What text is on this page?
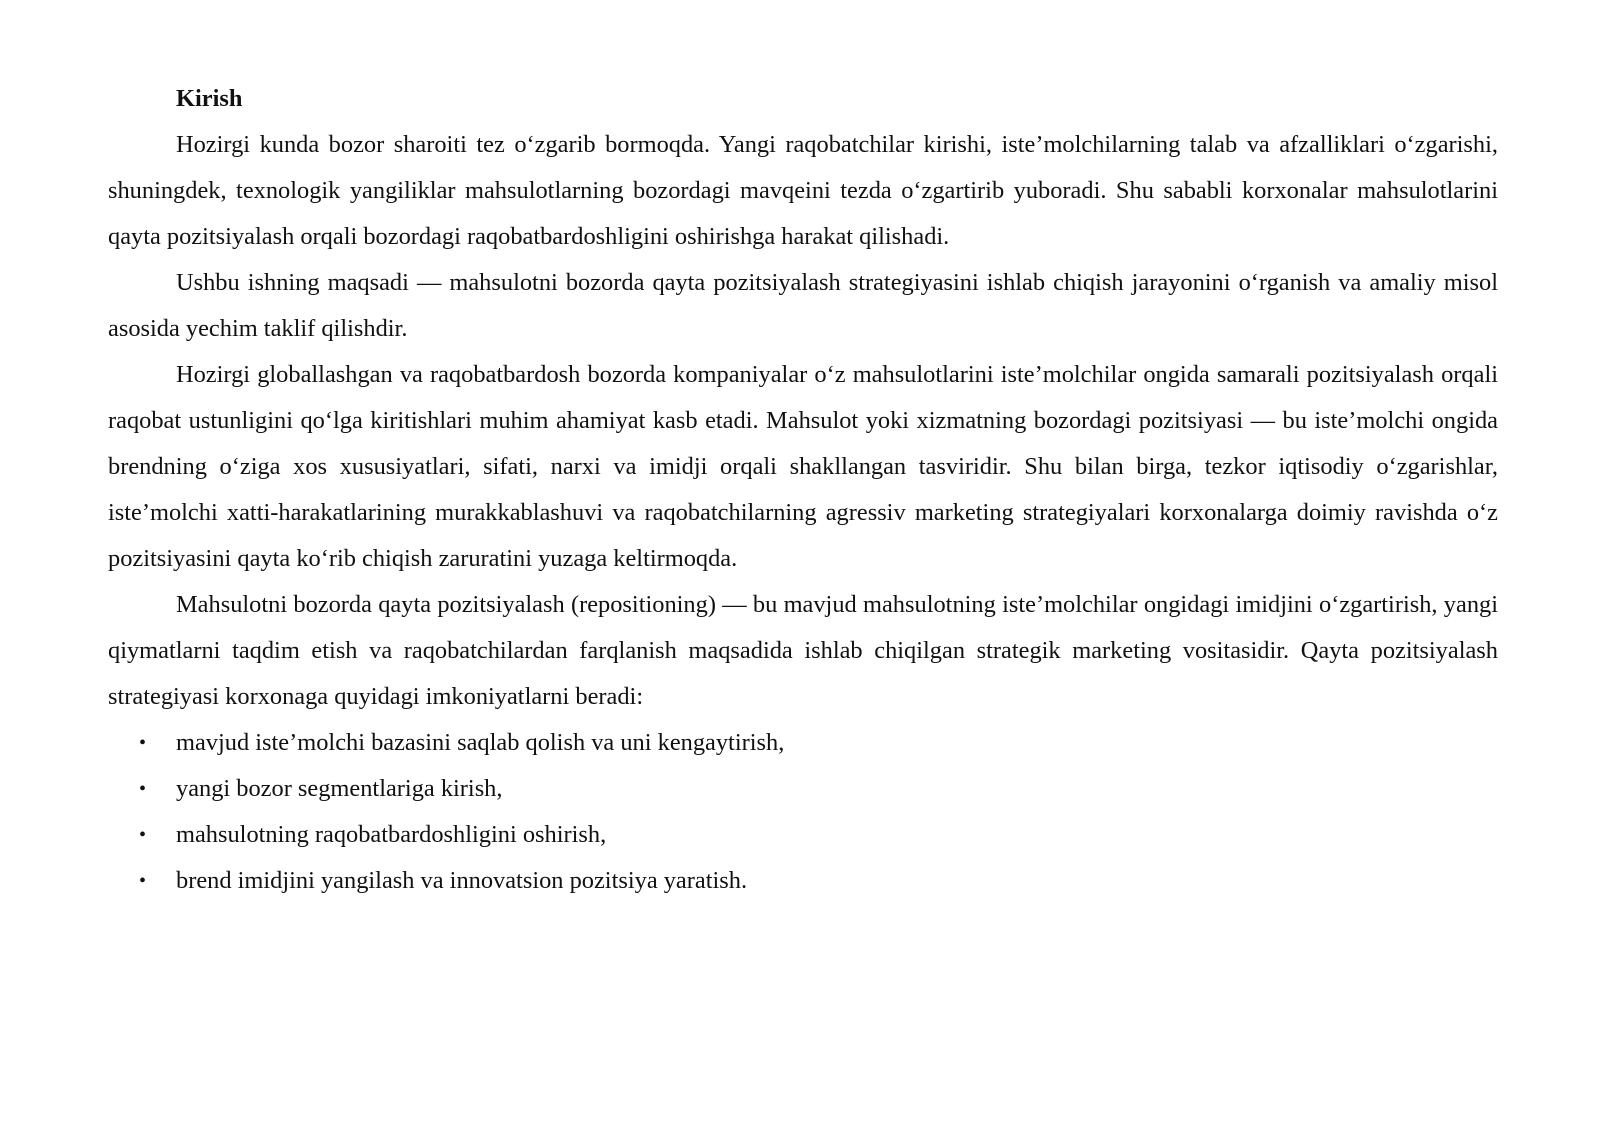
Kirish

Hozirgi kunda bozor sharoiti tez o‘zgarib bormoqda. Yangi raqobatchilar kirishi, iste’molchilarning talab va afzalliklari o‘zgarishi, shuningdek, texnologik yangiliklar mahsulotlarning bozordagi mavqeini tezda o‘zgartirib yuboradi. Shu sababli korxonalar mahsulotlarini qayta pozitsiyalash orqali bozordagi raqobatbardoshligini oshirishga harakat qilishadi.

Ushbu ishning maqsadi — mahsulotni bozorda qayta pozitsiyalash strategiyasini ishlab chiqish jarayonini o‘rganish va amaliy misol asosida yechim taklif qilishdir.

Hozirgi globallashgan va raqobatbardosh bozorda kompaniyalar o‘z mahsulotlarini iste’molchilar ongida samarali pozitsiyalash orqali raqobat ustunligini qo‘lga kiritishlari muhim ahamiyat kasb etadi. Mahsulot yoki xizmatning bozordagi pozitsiyasi — bu iste’molchi ongida brendning o‘ziga xos xususiyatlari, sifati, narxi va imidji orqali shakllangan tasviridir. Shu bilan birga, tezkor iqtisodiy o‘zgarishlar, iste’molchi xatti-harakatlarining murakkablashuvi va raqobatchilarning agressiv marketing strategiyalari korxonalarga doimiy ravishda o‘z pozitsiyasini qayta ko‘rib chiqish zaruratini yuzaga keltirmoqda.

Mahsulotni bozorda qayta pozitsiyalash (repositioning) — bu mavjud mahsulotning iste’molchilar ongidagi imidjini o‘zgartirish, yangi qiymatlarni taqdim etish va raqobatchilardan farqlanish maqsadida ishlab chiqilgan strategik marketing vositasidir. Qayta pozitsiyalash strategiyasi korxonaga quyidagi imkoniyatlarni beradi:

• mavjud iste’molchi bazasini saqlab qolish va uni kengaytirish,
• yangi bozor segmentlariga kirish,
• mahsulotning raqobatbardoshligini oshirish,
• brend imidjini yangilash va innovatsion pozitsiya yaratish.
